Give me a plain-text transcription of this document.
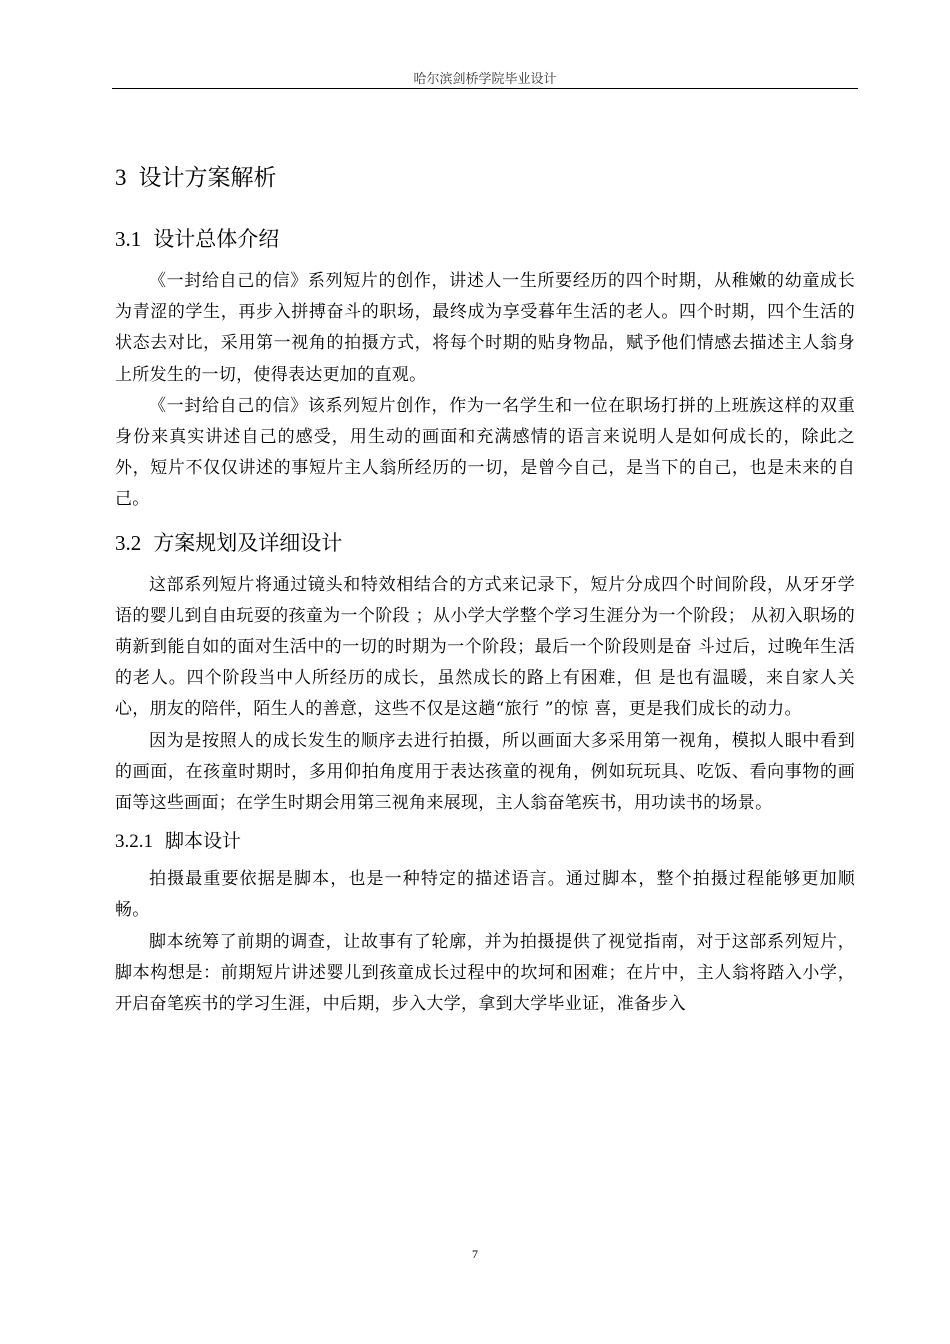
哈尔滨剑桥学院毕业设计
3 设计方案解析
3.1 设计总体介绍

《一封给自己的信》系列短片的创作，讲述人一生所要经历的四个时期，从稚嫩的幼童成长为青涩的学生，再步入拼搏奋斗的职场，最终成为享受暮年生活的老人。四个时期，四个生活的状态去对比，采用第一视角的拍摄方式，将每个时期的贴身物品，赋予他们情感去描述主人翁身上所发生的一切，使得表达更加的直观。

《一封给自己的信》该系列短片创作，作为一名学生和一位在职场打拼的上班族这样的双重身份来真实讲述自己的感受，用生动的画面和充满感情的语言来说明人是如何成长的，除此之外，短片不仅仅讲述的事短片主人翁所经历的一切，是曾今自己，是当下的自己，也是未来的自己。

3.2 方案规划及详细设计

这部系列短片将通过镜头和特效相结合的方式来记录下，短片分成四个时间阶段，从牙牙学语的婴儿到自由玩耍的孩童为一个阶段 ；从小学大学整个学习生涯分为一个阶段； 从初入职场的萌新到能自如的面对生活中的一切的时期为一个阶段；最后一个阶段则是奋 斗过后，过晚年生活的老人。四个阶段当中人所经历的成长，虽然成长的路上有困难，但 是也有温暖，来自家人关心，朋友的陪伴，陌生人的善意，这些不仅是这趟“旅行 ”的惊 喜，更是我们成长的动力。

因为是按照人的成长发生的顺序去进行拍摄，所以画面大多采用第一视角，模拟人眼中看到的画面，在孩童时期时，多用仰拍角度用于表达孩童的视角，例如玩玩具、吃饭、看向事物的画面等这些画面；在学生时期会用第三视角来展现，主人翁奋笔疾书，用功读书的场景。

3.2.1 脚本设计

拍摄最重要依据是脚本，也是一种特定的描述语言。通过脚本，整个拍摄过程能够更加顺畅。

脚本统筹了前期的调查，让故事有了轮廓，并为拍摄提供了视觉指南，对于这部系列短片，脚本构想是：前期短片讲述婴儿到孩童成长过程中的坎坷和困难；在片中，主人翁将踏入小学，开启奋笔疾书的学习生涯，中后期，步入大学，拿到大学毕业证，准备步入

7
